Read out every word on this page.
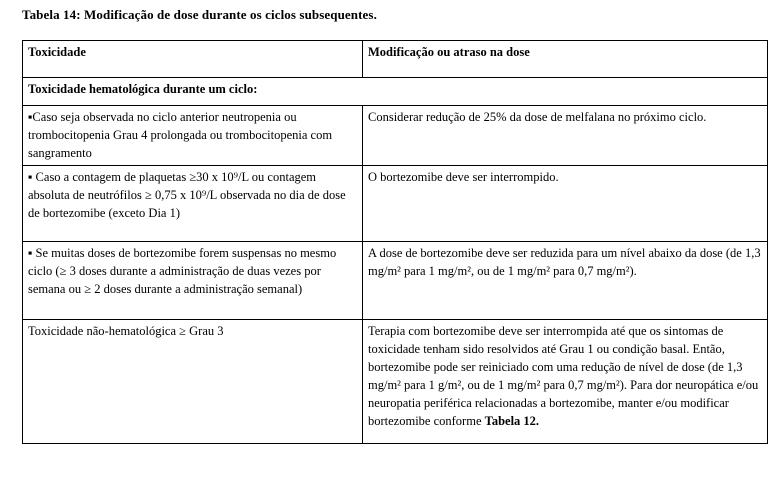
Tabela 14: Modificação de dose durante os ciclos subsequentes.
Toxicidade	Modificação ou atraso na dose
Toxicidade hematológica durante um ciclo:	
▪Caso seja observada no ciclo anterior neutropenia ou trombocitopenia Grau 4 prolongada ou trombocitopenia com sangramento	Considerar redução de 25% da dose de melfalana no próximo ciclo.
▪ Caso a contagem de plaquetas ≥30 x 10⁹/L ou contagem absoluta de neutrófilos ≥ 0,75 x 10⁹/L observada no dia de dose de bortezomibe (exceto Dia 1)	O bortezomibe deve ser interrompido.
▪ Se muitas doses de bortezomibe forem suspensas no mesmo ciclo (≥ 3 doses durante a administração de duas vezes por semana ou ≥ 2 doses durante a administração semanal)	A dose de bortezomibe deve ser reduzida para um nível abaixo da dose (de 1,3 mg/m² para 1 mg/m², ou de 1 mg/m² para 0,7 mg/m²).
Toxicidade não-hematológica ≥ Grau 3	Terapia com bortezomibe deve ser interrompida até que os sintomas de toxicidade tenham sido resolvidos até Grau 1 ou condição basal. Então, bortezomibe pode ser reiniciado com uma redução de nível de dose (de 1,3 mg/m² para 1 g/m², ou de 1 mg/m² para 0,7 mg/m²). Para dor neuropática e/ou neuropatia periférica relacionadas a bortezomibe, manter e/ou modificar bortezomibe conforme Tabela 12.
